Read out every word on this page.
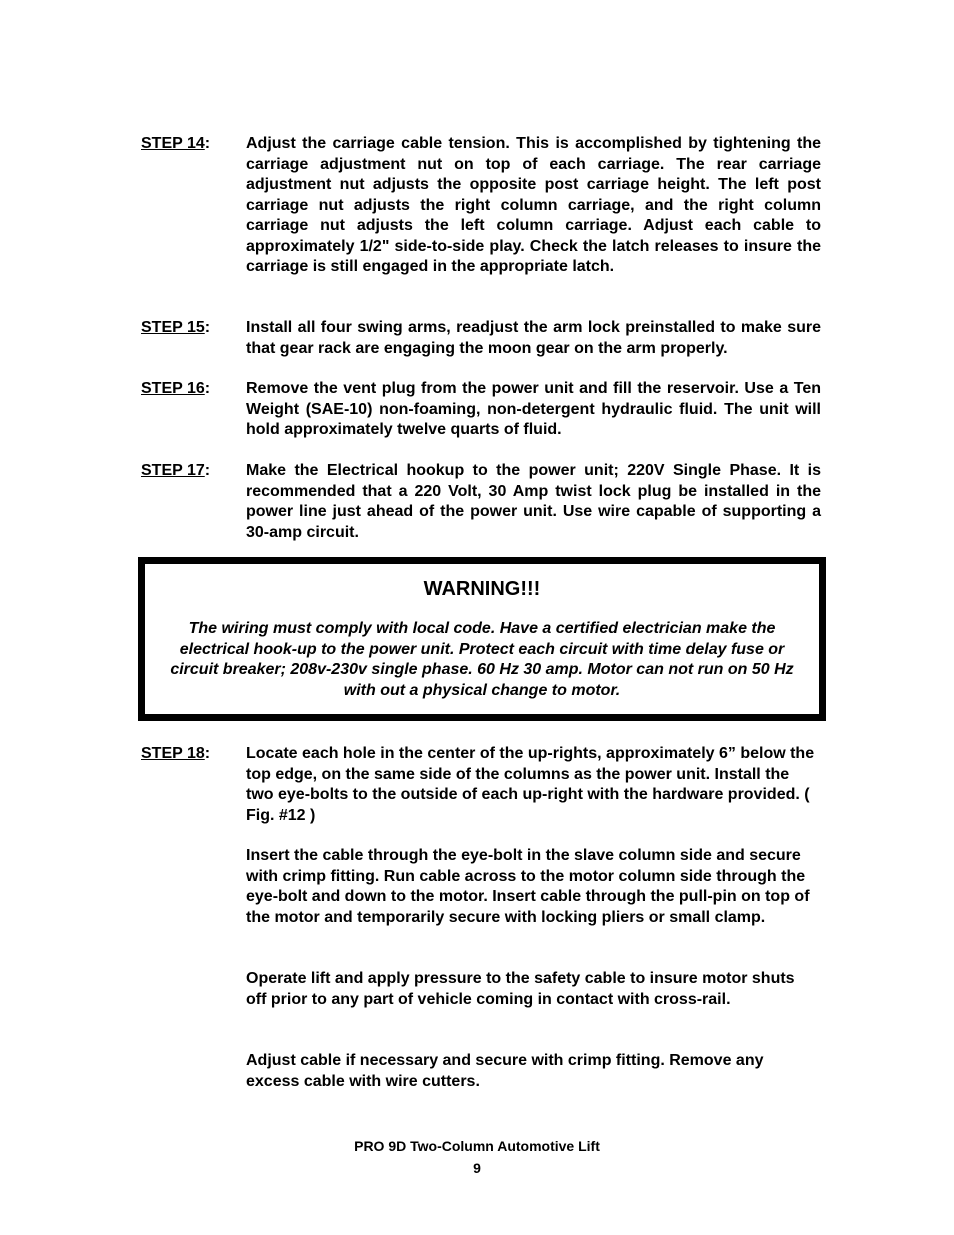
STEP 14: Adjust the carriage cable tension. This is accomplished by tightening the carriage adjustment nut on top of each carriage. The rear carriage adjustment nut adjusts the opposite post carriage height. The left post carriage nut adjusts the right column carriage, and the right column carriage nut adjusts the left column carriage. Adjust each cable to approximately 1/2" side-to-side play. Check the latch releases to insure the carriage is still engaged in the appropriate latch.
STEP 15: Install all four swing arms, readjust the arm lock preinstalled to make sure that gear rack are engaging the moon gear on the arm properly.
STEP 16: Remove the vent plug from the power unit and fill the reservoir. Use a Ten Weight (SAE-10) non-foaming, non-detergent hydraulic fluid. The unit will hold approximately twelve quarts of fluid.
STEP 17: Make the Electrical hookup to the power unit; 220V Single Phase. It is recommended that a 220 Volt, 30 Amp twist lock plug be installed in the power line just ahead of the power unit. Use wire capable of supporting a 30-amp circuit.
WARNING!!!
The wiring must comply with local code. Have a certified electrician make the electrical hook-up to the power unit. Protect each circuit with time delay fuse or circuit breaker; 208v-230v single phase. 60 Hz 30 amp. Motor can not run on 50 Hz with out a physical change to motor.
STEP 18: Locate each hole in the center of the up-rights, approximately 6” below the top edge, on the same side of the columns as the power unit. Install the two eye-bolts to the outside of each up-right with the hardware provided. ( Fig. #12 )
Insert the cable through the eye-bolt in the slave column side and secure with crimp fitting. Run cable across to the motor column side through the eye-bolt and down to the motor. Insert cable through the pull-pin on top of the motor and temporarily secure with locking pliers or small clamp.
Operate lift and apply pressure to the safety cable to insure motor shuts off prior to any part of vehicle coming in contact with cross-rail.
Adjust cable if necessary and secure with crimp fitting. Remove any excess cable with wire cutters.
PRO 9D Two-Column Automotive Lift
9
